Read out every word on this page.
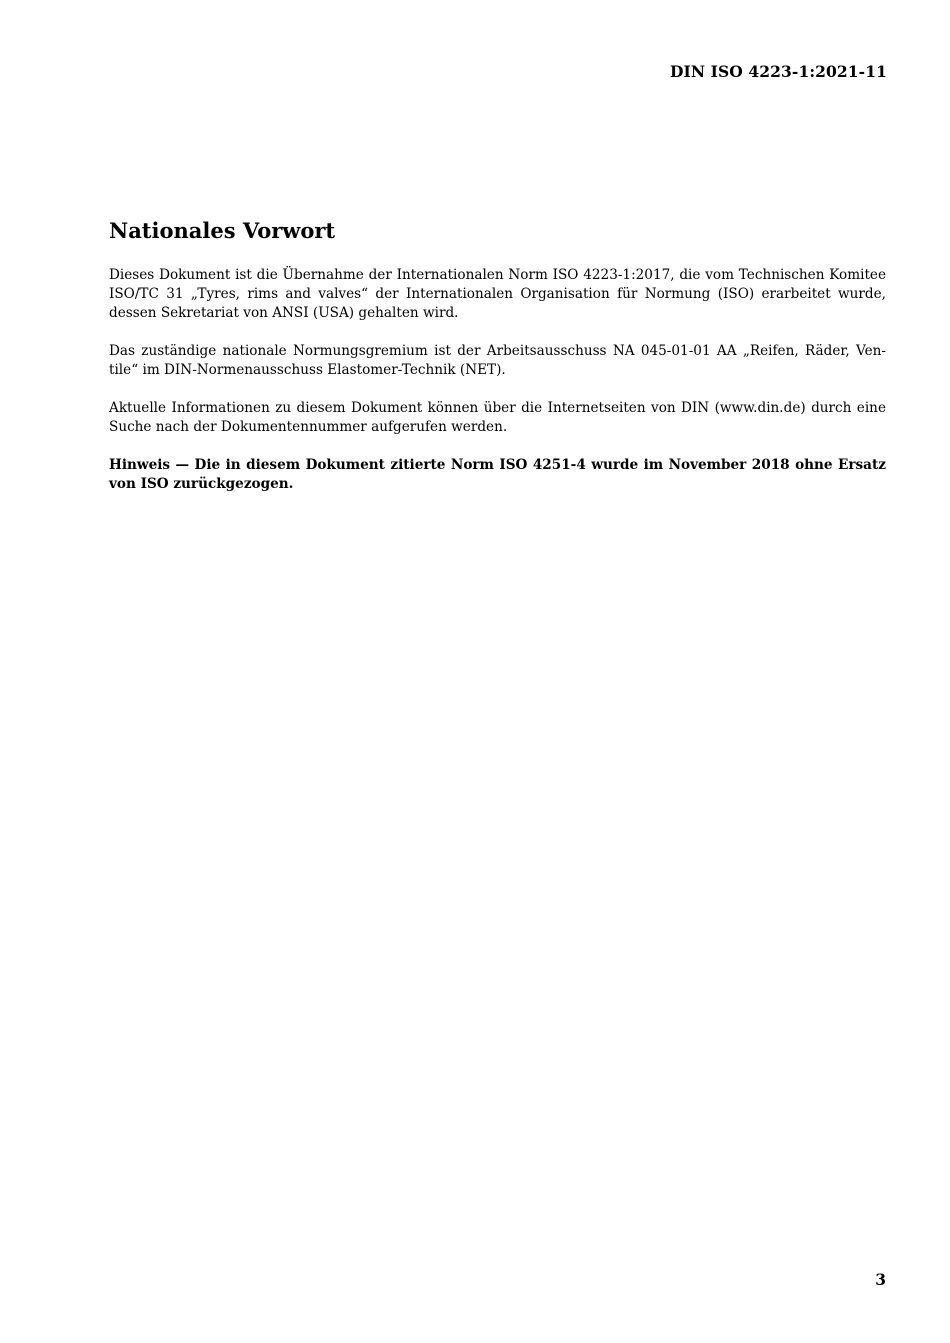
DIN ISO 4223-1:2021-11
Nationales Vorwort

Dieses Dokument ist die Übernahme der Internationalen Norm ISO 4223-1:2017, die vom Technischen Komitee ISO/TC 31 „Tyres, rims and valves“ der Internationalen Organisation für Normung (ISO) erarbeitet wurde, dessen Sekretariat von ANSI (USA) gehalten wird.

Das zuständige nationale Normungsgremium ist der Arbeitsausschuss NA 045-01-01 AA „Reifen, Räder, Ventile“ im DIN-Normenausschuss Elastomer-Technik (NET).

Aktuelle Informationen zu diesem Dokument können über die Internetseiten von DIN (www.din.de) durch eine Suche nach der Dokumentennummer aufgerufen werden.

Hinweis — Die in diesem Dokument zitierte Norm ISO 4251-4 wurde im November 2018 ohne Ersatz von ISO zurückgezogen.

3
